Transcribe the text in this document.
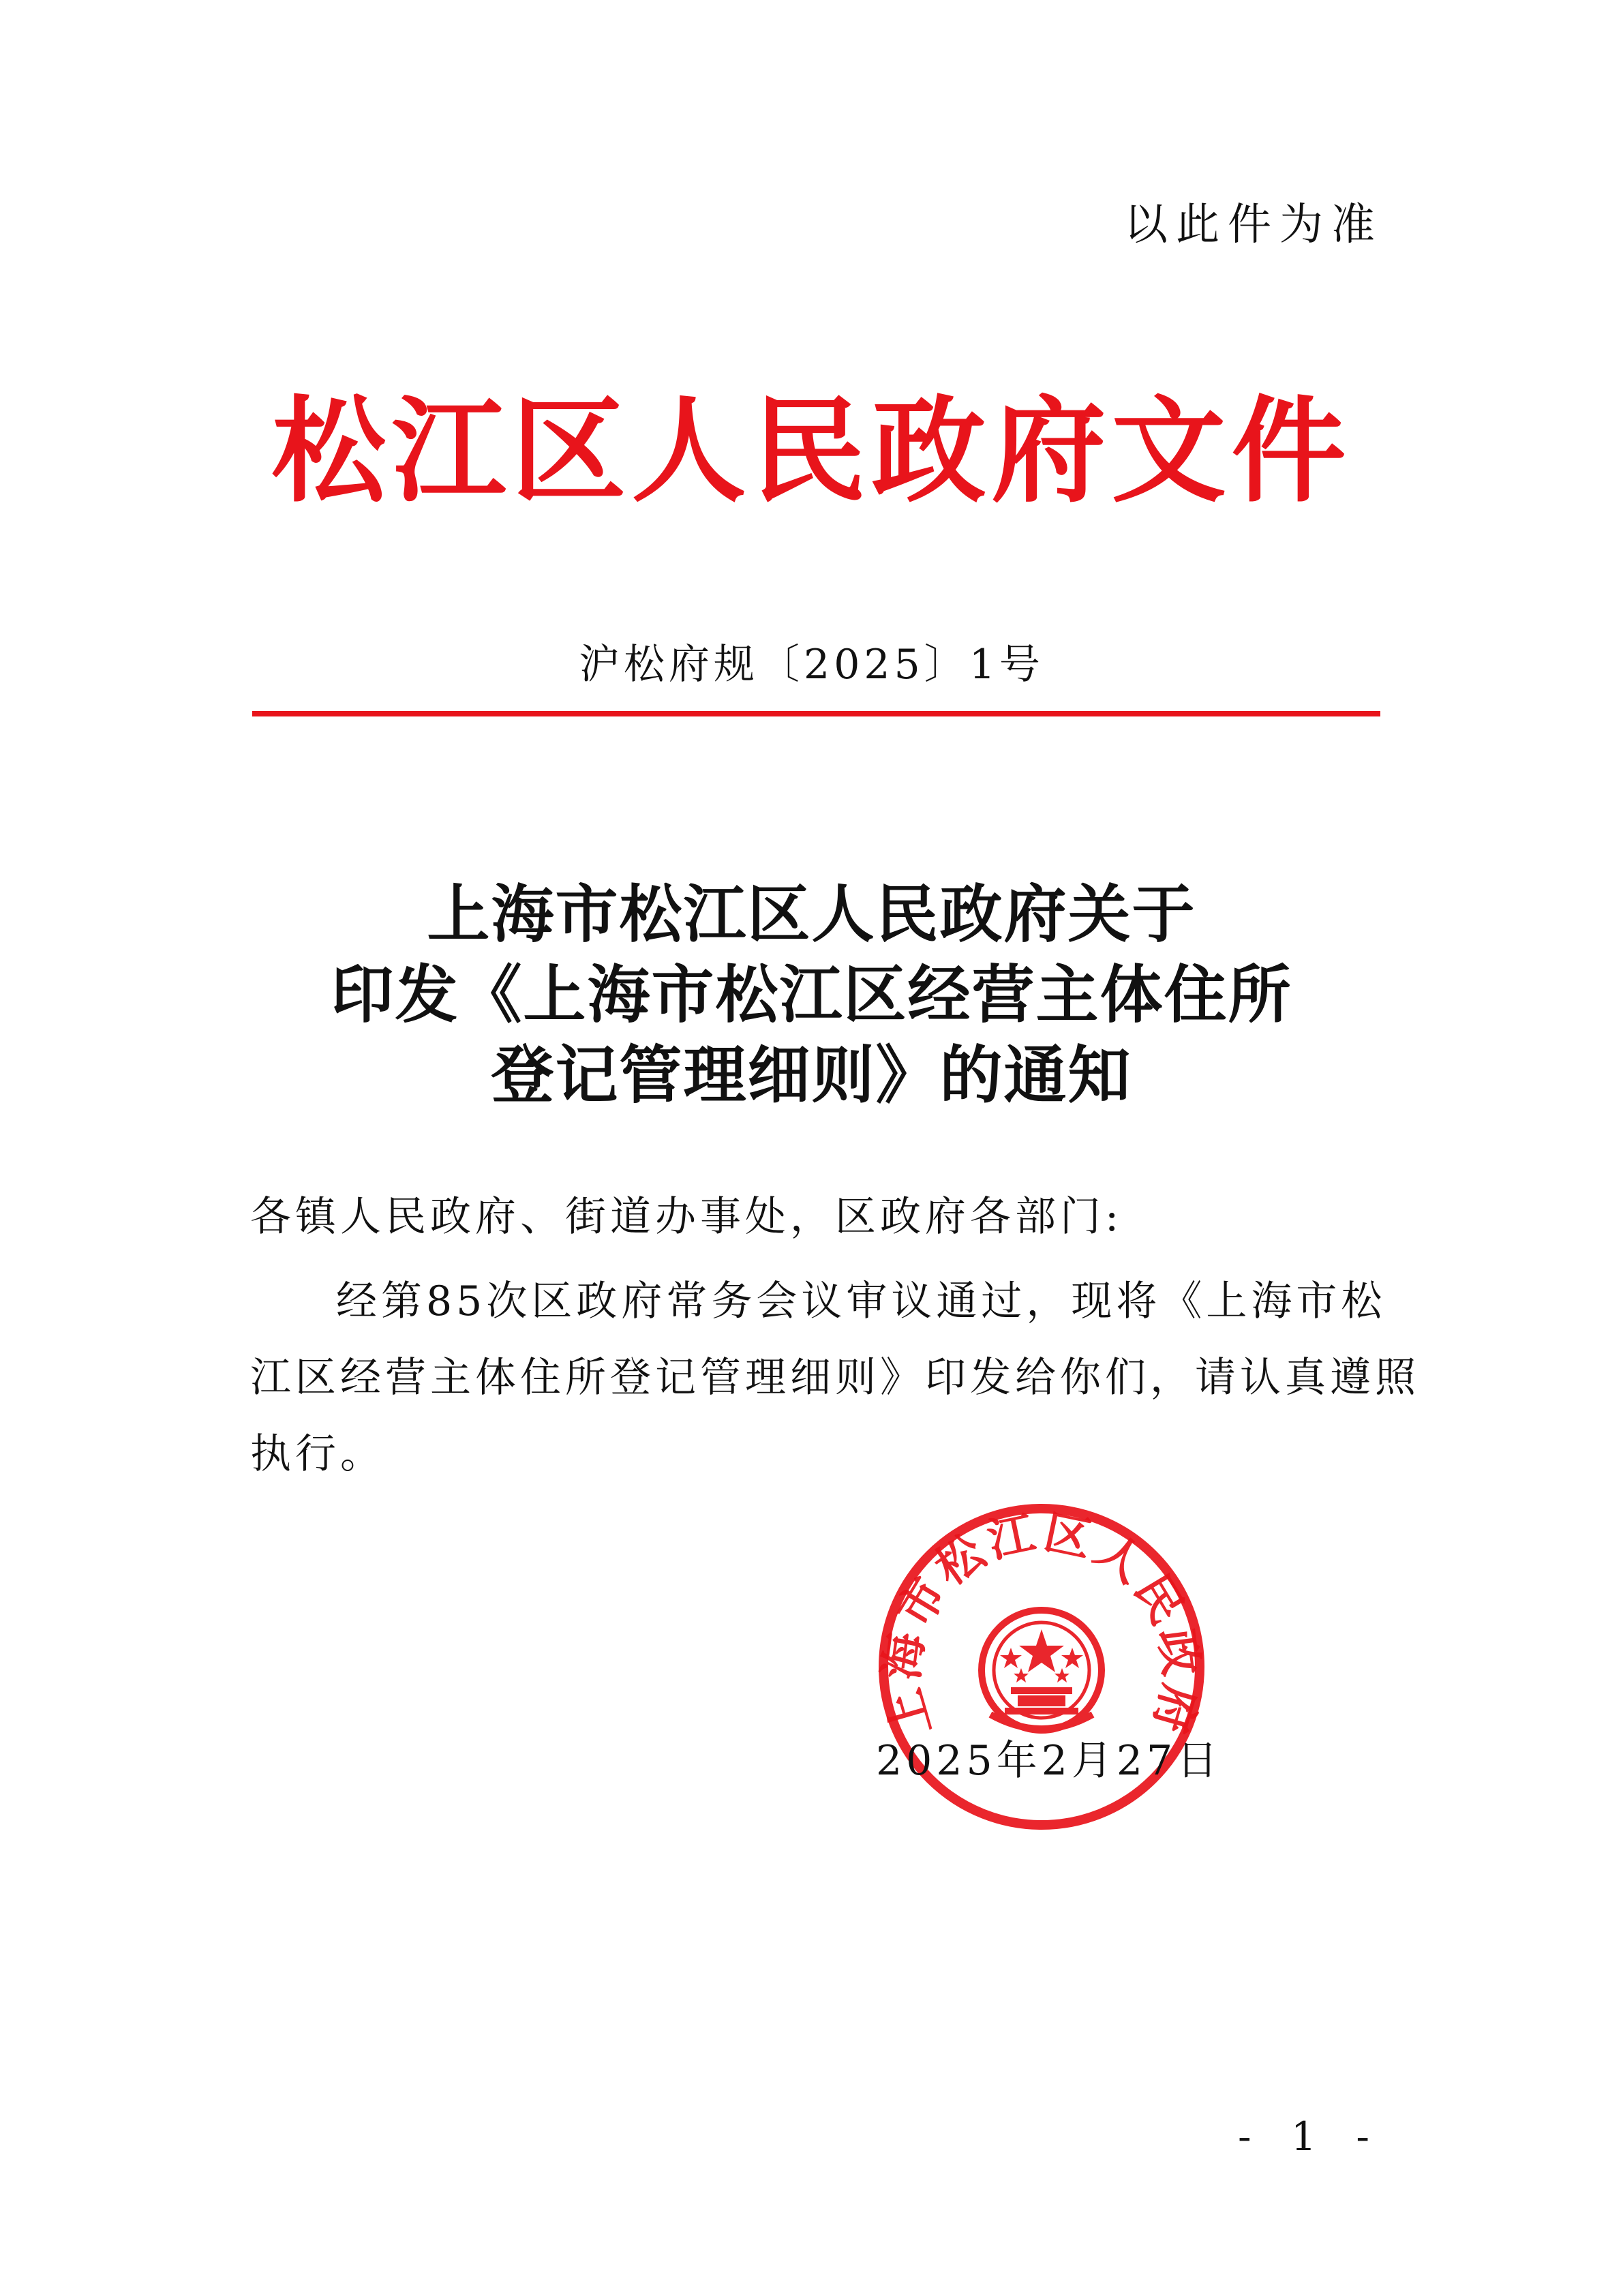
以此件为准
松江区人民政府文件
沪松府规〔2025〕1号
上海市松江区人民政府关于
印发《上海市松江区经营主体住所
登记管理细则》的通知
各镇人民政府、街道办事处，区政府各部门:
经第85次区政府常务会议审议通过，现将《上海市松
江区经营主体住所登记管理细则》印发给你们，请认真遵照
执行。
上海市松江区人民政府
2025年2月27日
- 1 -
